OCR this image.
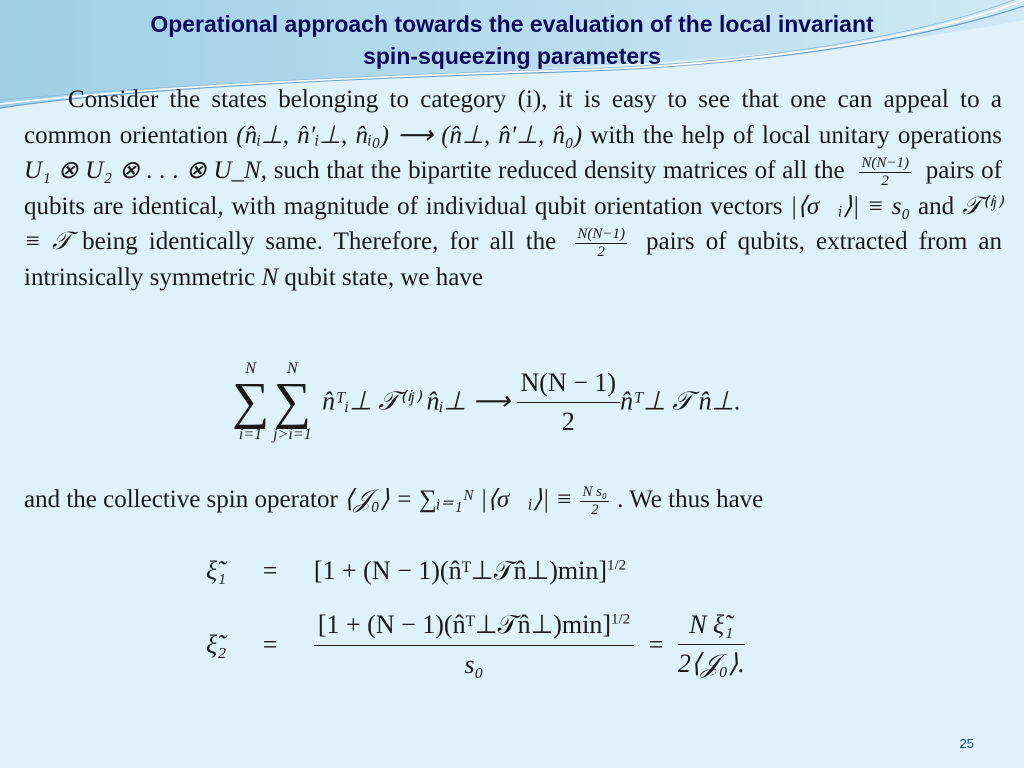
Operational approach towards the evaluation of the local invariant
spin-squeezing parameters
Consider the states belonging to category (i), it is easy to see that one can appeal to a common orientation (n̂ᵢ⊥, n̂′ᵢ⊥, n̂ᵢ₀) ⟶ (n̂⊥, n̂′⊥, n̂₀) with the help of local unitary operations U₁ ⊗ U₂ ⊗ . . . ⊗ U_N, such that the bipartite reduced density matrices of all the $\frac{N(N-1)}{2}$ pairs of qubits are identical, with magnitude of individual qubit orientation vectors |⟨σ⃗ᵢ⟩| ≡ s₀ and 𝒯⁽ⁱʲ⁾ ≡ 𝒯 being identically same. Therefore, for all the $\frac{N(N-1)}{2}$ pairs of qubits, extracted from an intrinsically symmetric N qubit state, we have
N
∑
i=1
N
∑
j>i=1
n̂ᵀᵢ⊥ 𝒯⁽ⁱʲ⁾ n̂ᵢ⊥ ⟶ $\frac{N(N - 1)}{2}$ n̂ᵀ⊥ 𝒯 n̂⊥.
and the collective spin operator ⟨𝒥₀⟩ = ∑ᵢ₌₁ᴺ |⟨σ⃗ᵢ⟩| ≡ $\frac{\text{N s₀}}{2}$ . We thus have
ξ̃₁ = [1 + (N − 1)(n̂ᵀ⊥𝒯n̂⊥)min]$^{1/2}$
ξ̃₂ = $\frac{[1 + (N - 1)(n̂ᵀ\perp 𝒯n̂\perp)\min]^{1/2}}{\text{s₀}} = \frac{\text{N ξ̃₁}}{\text{2⟨𝒥₀⟩.}}$
25
